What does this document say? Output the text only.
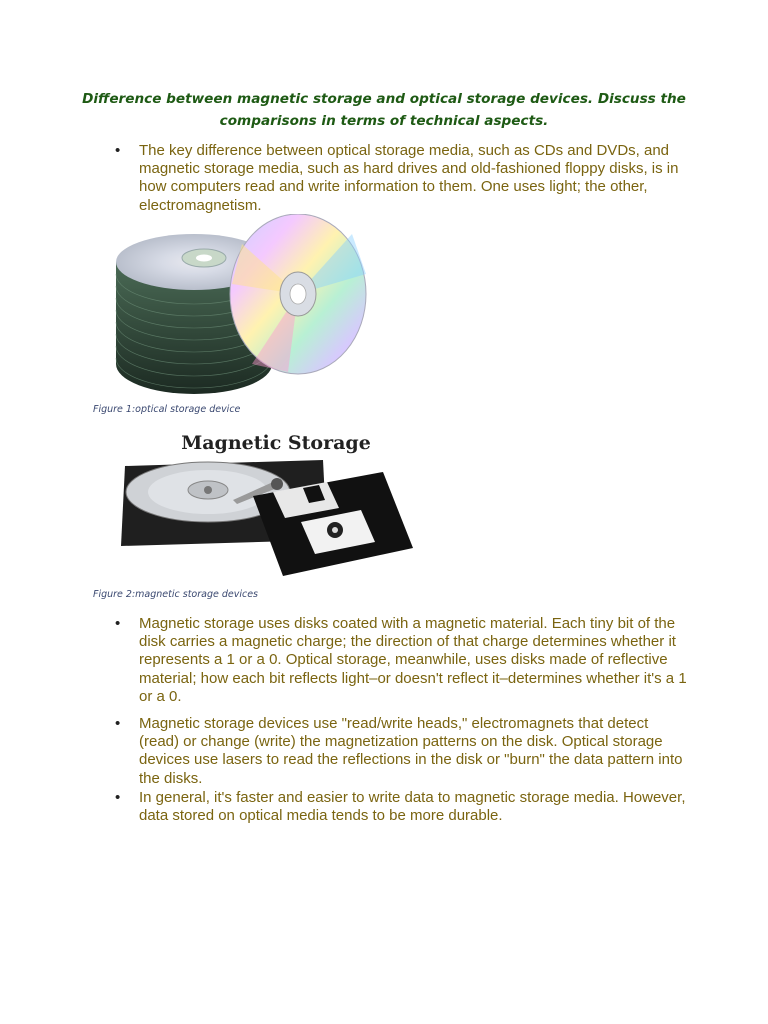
Difference between magnetic storage and optical storage devices. Discuss the
comparisons in terms of technical aspects.
• The key difference between optical storage media, such as CDs and DVDs, and magnetic storage media, such as hard drives and old-fashioned floppy disks, is in how computers read and write information to them. One uses light; the other, electromagnetism.
Figure 1:optical storage device
Magnetic Storage
Figure 2:magnetic storage devices
• Magnetic storage uses disks coated with a magnetic material. Each tiny bit of the disk carries a magnetic charge; the direction of that charge determines whether it represents a 1 or a 0. Optical storage, meanwhile, uses disks made of reflective material; how each bit reflects light–or doesn't reflect it–determines whether it's a 1 or a 0.
• Magnetic storage devices use "read/write heads," electromagnets that detect (read) or change (write) the magnetization patterns on the disk. Optical storage devices use lasers to read the reflections in the disk or "burn" the data pattern into the disks.
• In general, it's faster and easier to write data to magnetic storage media. However, data stored on optical media tends to be more durable.
